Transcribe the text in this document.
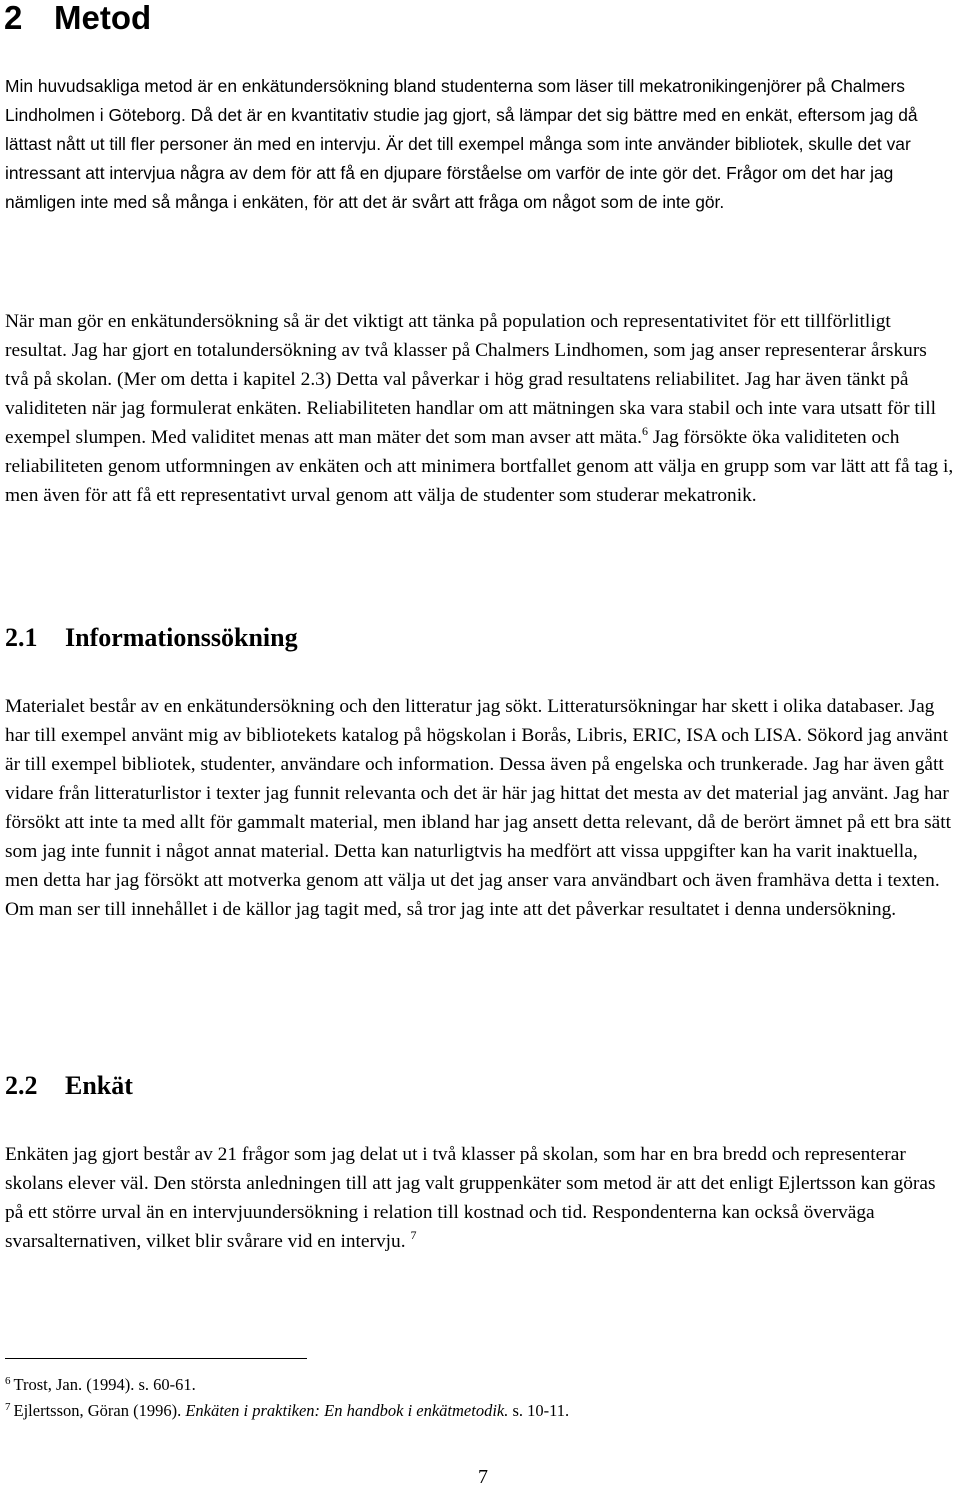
2 Metod

Min huvudsakliga metod är en enkätundersökning bland studenterna som läser till mekatronikingenjörer på Chalmers Lindholmen i Göteborg. Då det är en kvantitativ studie jag gjort, så lämpar det sig bättre med en enkät, eftersom jag då lättast nått ut till fler personer än med en intervju. Är det till exempel många som inte använder bibliotek, skulle det var intressant att intervjua några av dem för att få en djupare förståelse om varför de inte gör det. Frågor om det har jag nämligen inte med så många i enkäten, för att det är svårt att fråga om något som de inte gör.

När man gör en enkätundersökning så är det viktigt att tänka på population och representativitet för ett tillförlitligt resultat. Jag har gjort en totalundersökning av två klasser på Chalmers Lindhomen, som jag anser representerar årskurs två på skolan. (Mer om detta i kapitel 2.3) Detta val påverkar i hög grad resultatens reliabilitet. Jag har även tänkt på validiteten när jag formulerat enkäten. Reliabiliteten handlar om att mätningen ska vara stabil och inte vara utsatt för till exempel slumpen. Med validitet menas att man mäter det som man avser att mäta.$^6$ Jag försökte öka validiteten och reliabiliteten genom utformningen av enkäten och att minimera bortfallet genom att välja en grupp som var lätt att få tag i, men även för att få ett representativt urval genom att välja de studenter som studerar mekatronik.

2.1 Informationssökning

Materialet består av en enkätundersökning och den litteratur jag sökt. Litteratursökningar har skett i olika databaser. Jag har till exempel använt mig av bibliotekets katalog på högskolan i Borås, Libris, ERIC, ISA och LISA. Sökord jag använt är till exempel bibliotek, studenter, användare och information. Dessa även på engelska och trunkerade. Jag har även gått vidare från litteraturlistor i texter jag funnit relevanta och det är här jag hittat det mesta av det material jag använt. Jag har försökt att inte ta med allt för gammalt material, men ibland har jag ansett detta relevant, då de berört ämnet på ett bra sätt som jag inte funnit i något annat material. Detta kan naturligtvis ha medfört att vissa uppgifter kan ha varit inaktuella, men detta har jag försökt att motverka genom att välja ut det jag anser vara användbart och även framhäva detta i texten. Om man ser till innehållet i de källor jag tagit med, så tror jag inte att det påverkar resultatet i denna undersökning.

2.2 Enkät

Enkäten jag gjort består av 21 frågor som jag delat ut i två klasser på skolan, som har en bra bredd och representerar skolans elever väl. Den största anledningen till att jag valt gruppenkäter som metod är att det enligt Ejlertsson kan göras på ett större urval än en intervjuundersökning i relation till kostnad och tid. Respondenterna kan också överväga svarsalternativen, vilket blir svårare vid en intervju. $^7$

$^6$ Trost, Jan. (1994). s. 60-61.

$^7$ Ejlertsson, Göran (1996). Enkäten i praktiken: En handbok i enkätmetodik. s. 10-11.

7
